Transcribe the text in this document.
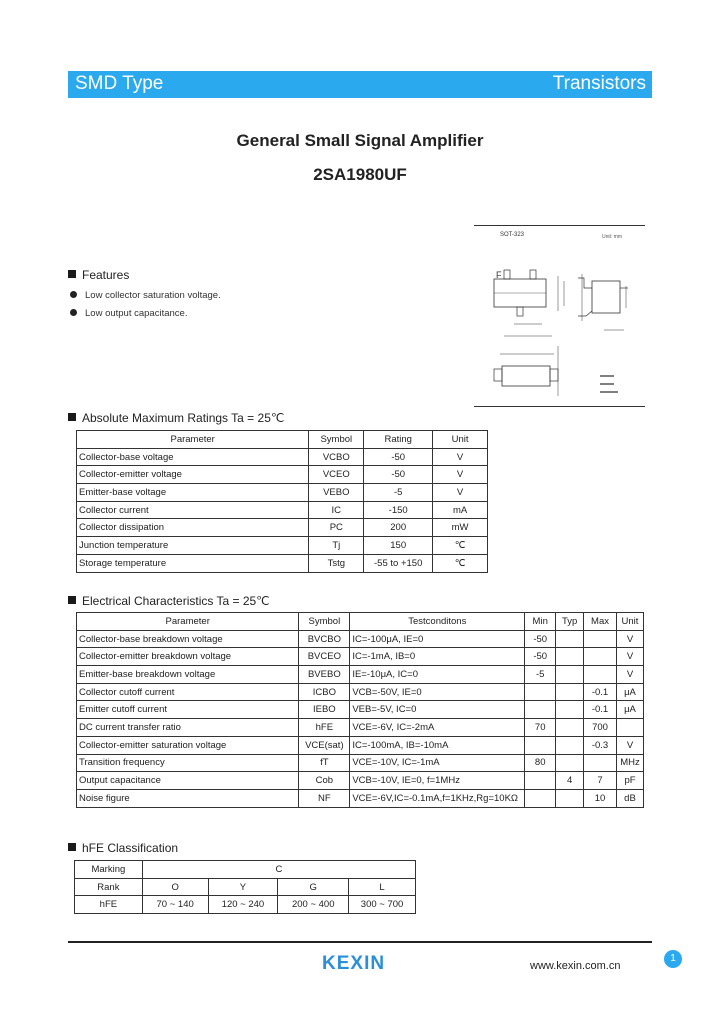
SMD Type	Transistors
General Small Signal Amplifier
2SA1980UF
Features
Low collector saturation voltage.
Low output capacitance.
SOT-323	Unit: mm
F
Absolute Maximum Ratings Ta = 25℃
Parameter	Symbol	Rating	Unit
Collector-base voltage	VCBO	-50	V
Collector-emitter voltage	VCEO	-50	V
Emitter-base voltage	VEBO	-5	V
Collector current	IC	-150	mA
Collector dissipation	PC	200	mW
Junction temperature	Tj	150	℃
Storage temperature	Tstg	-55 to +150	℃
Electrical Characteristics Ta = 25℃
Parameter	Symbol	Testconditons	Min	Typ	Max	Unit
Collector-base breakdown voltage	BVCBO	IC=-100μA, IE=0	-50			V
Collector-emitter breakdown voltage	BVCEO	IC=-1mA, IB=0	-50			V
Emitter-base breakdown voltage	BVEBO	IE=-10μA, IC=0	-5			V
Collector cutoff current	ICBO	VCB=-50V, IE=0			-0.1	μA
Emitter cutoff current	IEBO	VEB=-5V, IC=0			-0.1	μA
DC current transfer ratio	hFE	VCE=-6V, IC=-2mA	70		700	
Collector-emitter saturation voltage	VCE(sat)	IC=-100mA, IB=-10mA			-0.3	V
Transition frequency	fT	VCE=-10V, IC=-1mA	80			MHz
Output capacitance	Cob	VCB=-10V, IE=0, f=1MHz		4	7	pF
Noise figure	NF	VCE=-6V,IC=-0.1mA,f=1KHz,Rg=10KΩ			10	dB
hFE Classification
Marking	C			
Rank	O	Y	G	L
hFE	70 ~ 140	120 ~ 240	200 ~ 400	300 ~ 700
KEXIN	www.kexin.com.cn
1
